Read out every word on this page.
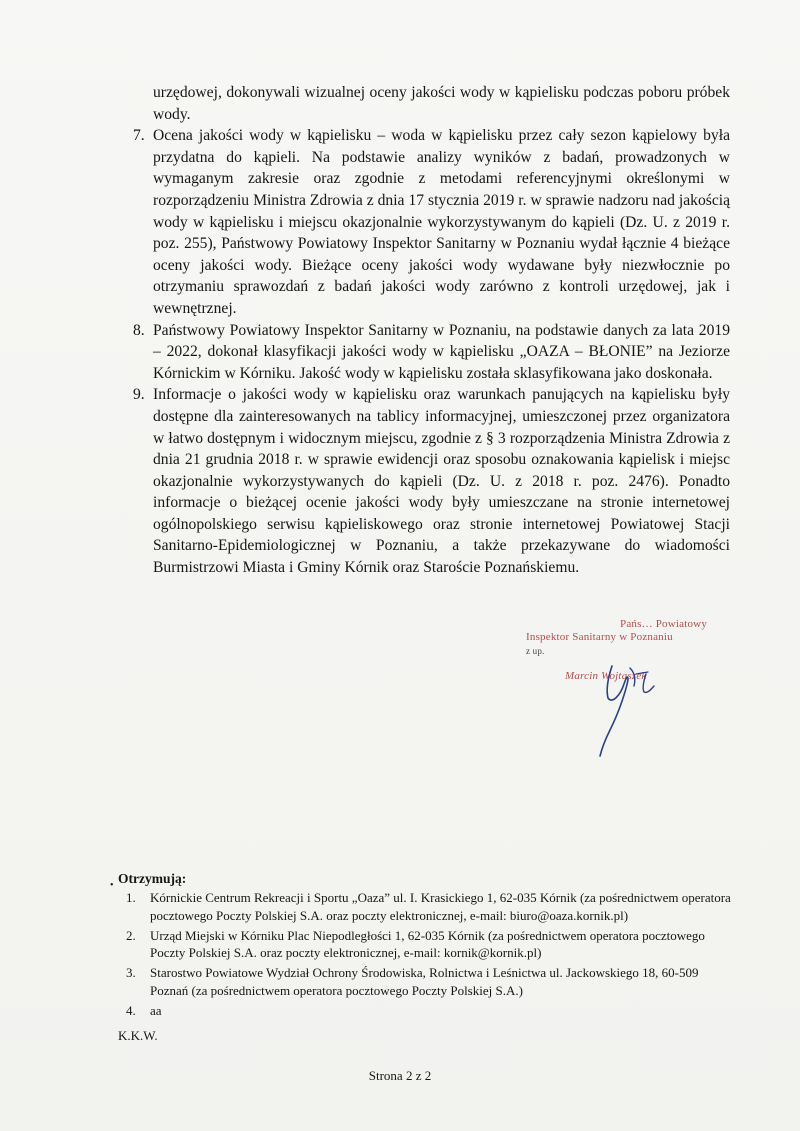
urzędowej, dokonywali wizualnej oceny jakości wody w kąpielisku podczas poboru próbek wody.

7. Ocena jakości wody w kąpielisku – woda w kąpielisku przez cały sezon kąpielowy była przydatna do kąpieli. Na podstawie analizy wyników z badań, prowadzonych w wymaganym zakresie oraz zgodnie z metodami referencyjnymi określonymi w rozporządzeniu Ministra Zdrowia z dnia 17 stycznia 2019 r. w sprawie nadzoru nad jakością wody w kąpielisku i miejscu okazjonalnie wykorzystywanym do kąpieli (Dz. U. z 2019 r. poz. 255), Państwowy Powiatowy Inspektor Sanitarny w Poznaniu wydał łącznie 4 bieżące oceny jakości wody. Bieżące oceny jakości wody wydawane były niezwłocznie po otrzymaniu sprawozdań z badań jakości wody zarówno z kontroli urzędowej, jak i wewnętrznej.

8. Państwowy Powiatowy Inspektor Sanitarny w Poznaniu, na podstawie danych za lata 2019 – 2022, dokonał klasyfikacji jakości wody w kąpielisku „OAZA – BŁONIE” na Jeziorze Kórnickim w Kórniku. Jakość wody w kąpielisku została sklasyfikowana jako doskonała.

9. Informacje o jakości wody w kąpielisku oraz warunkach panujących na kąpielisku były dostępne dla zainteresowanych na tablicy informacyjnej, umieszczonej przez organizatora w łatwo dostępnym i widocznym miejscu, zgodnie z § 3 rozporządzenia Ministra Zdrowia z dnia 21 grudnia 2018 r. w sprawie ewidencji oraz sposobu oznakowania kąpielisk i miejsc okazjonalnie wykorzystywanych do kąpieli (Dz. U. z 2018 r. poz. 2476). Ponadto informacje o bieżącej ocenie jakości wody były umieszczane na stronie internetowej ogólnopolskiego serwisu kąpieliskowego oraz stronie internetowej Powiatowej Stacji Sanitarno-Epidemiologicznej w Poznaniu, a także przekazywane do wiadomości Burmistrzowi Miasta i Gminy Kórnik oraz Staroście Poznańskiemu.

Pańs… Powiatowy
Inspektor Sanitarny w Poznaniu
z up.
Marcin Wojtaszek
• Otrzymują:
1. Kórnickie Centrum Rekreacji i Sportu „Oaza” ul. I. Krasickiego 1, 62-035 Kórnik (za pośrednictwem operatora pocztowego Poczty Polskiej S.A. oraz poczty elektronicznej, e-mail: biuro@oaza.kornik.pl)
2. Urząd Miejski w Kórniku Plac Niepodległości 1, 62-035 Kórnik (za pośrednictwem operatora pocztowego Poczty Polskiej S.A. oraz poczty elektronicznej, e-mail: kornik@kornik.pl)
3. Starostwo Powiatowe Wydział Ochrony Środowiska, Rolnictwa i Leśnictwa ul. Jackowskiego 18, 60-509 Poznań (za pośrednictwem operatora pocztowego Poczty Polskiej S.A.)
4. aa
K.K.W.
Strona 2 z 2
